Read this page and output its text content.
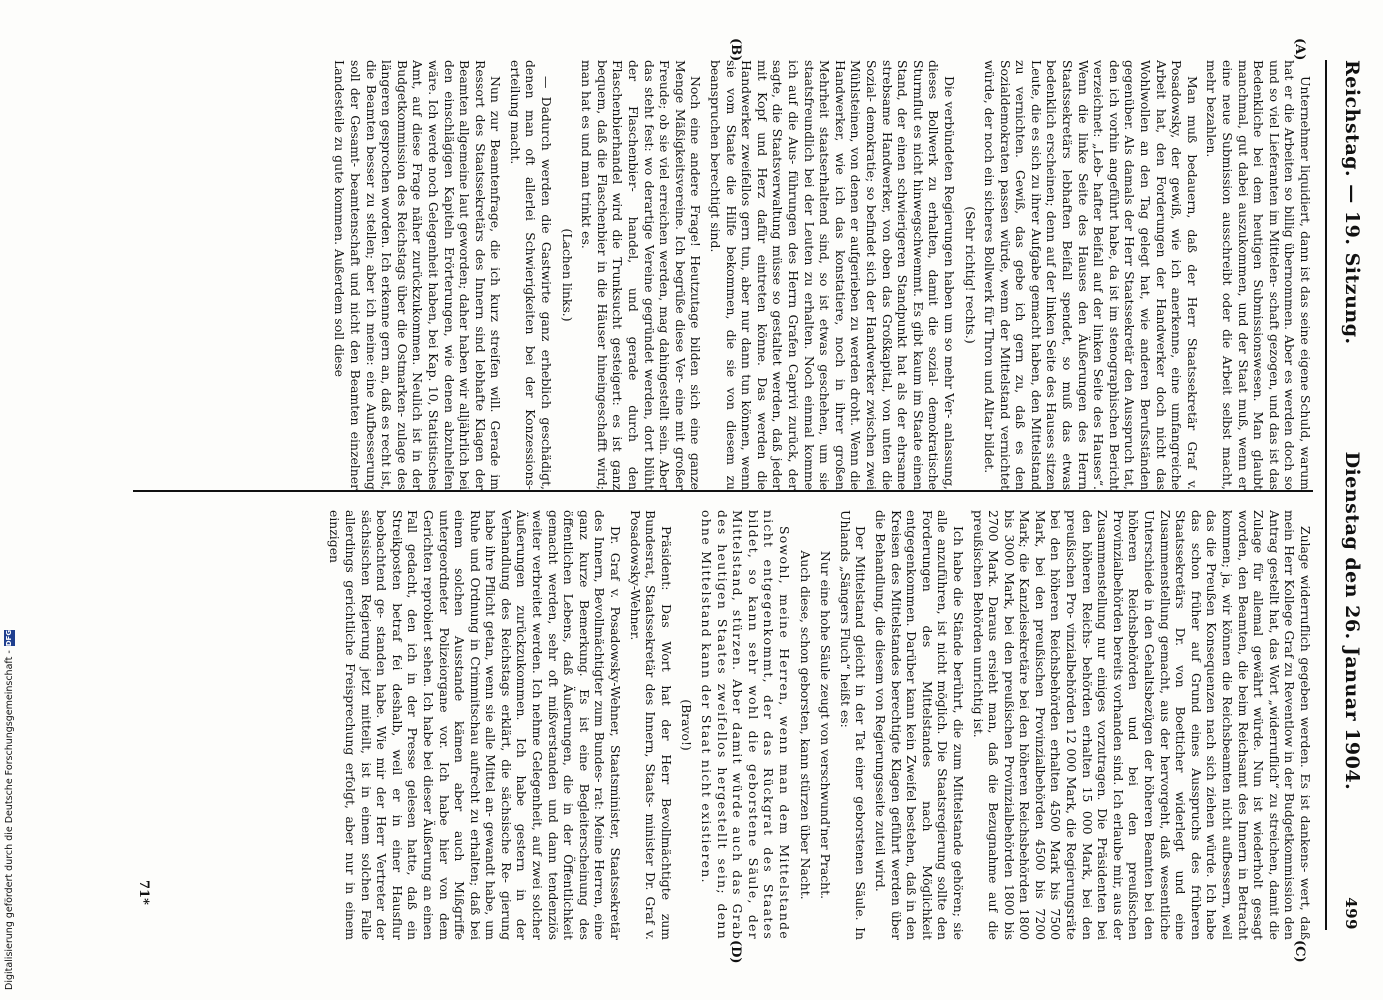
Reichstag. — 19. Sitzung.
Dienstag den 26. Januar 1904.
499
(A)
(B)
(C)
(D)

Unternehmer liquidiert, dann ist das seine eigene Schuld, warum hat er die Arbeiten so billig übernommen. Aber es werden doch so und so viel Lieferanten im Mittelen- schaft gezogen, und das ist das Bedenkliche bei dem heutigen Submissionswesen. Man glaubt manchmal, gut dabei auszukommen, und der Staat muß, wenn er eine neue Submission ausschreibt oder die Arbeit selbst macht, mehr bezahlen.

Man muß bedauern, daß der Herr Staatssekretär Graf v. Posadowsky, der gewiß, wie ich anerkenne, eine umfangreiche Arbeit hat, den Forderungen der Handwerker doch nicht das Wohlwollen an den Tag gelegt hat, wie anderen Berufsständen gegenüber. Als damals der Herr Staatssekretär den Ausspruch tat, den ich vorhin angeführt habe, da ist im stenographischen Bericht verzeichnet: „Leb- hafter Beifall auf der linken Seite des Hauses“. Wenn die linke Seite des Hauses den Äußerungen des Herrn Staatssekretärs lebhaften Beifall spendet, so muß das etwas bedenklich erscheinen; denn auf der linken Seite des Hauses sitzen Leute, die es sich zu ihrer Aufgabe gemacht haben, den Mittelstand zu vernichten. Gewiß, das gebe ich gern zu, daß es den Sozialdemokraten passen würde, wenn der Mittelstand vernichtet würde, der noch ein sicheres Bollwerk für Thron und Altar bildet.

(Sehr richtig! rechts.)

Die verbündeten Regierungen haben um so mehr Ver- anlassung, dieses Bollwerk zu erhalten, damit die sozial- demokratische Sturmflut es nicht hinwegschwemmt. Es gibt kaum im Staate einen Stand, der einen schwierigeren Standpunkt hat als der ehrsame strebsame Handwerker, von oben das Großkapital, von unten die Sozial- demokratie; so befindet sich der Handwerker zwischen zwei Mühlsteinen, von denen er aufgerieben zu werden droht. Wenn die Handwerker, wie ich das konstatiere, noch in ihrer großen Mehrheit staatserhaltend sind, so ist etwas geschehen, um sie staatsfreundlich bei der Leuten zu erhalten. Noch einmal komme ich auf die Aus- führungen des Herrn Grafen Caprivi zurück, der sagte, die Staatsverwaltung müsse so gestaltet werden, daß jeder mit Kopf und Herz dafür eintreten könne. Das werden die Handwerker zweifellos gern tun, aber nur dann tun können, wenn sie vom Staate die Hilfe bekommen, die sie von diesem zu beanspruchen berechtigt sind.

Noch eine andere Frage! Heutzutage bilden sich eine ganze Menge Mäßigkeitsvereine. Ich begrüße diese Ver- eine mit großer Freude; ob sie viel erreichen werden, mag dahingestellt sein. Aber das steht fest: wo derartige Vereine gegründet werden, dort blüht der Flaschenbier- handel, und gerade durch den Flaschenbierhandel wird die Trunksucht gesteigert: es ist ganz bequem, daß die Flaschenbier in die Häuser hineingeschafft wird; man hat es und man trinkt es.

(Lachen links.)

— Dadurch werden die Gastwirte ganz erheblich geschädigt, denen man oft allerlei Schwierigkeiten bei der Konzessions- erteilung macht.

Nun zur Beamtenfrage, die ich kurz streifen will. Gerade im Ressort des Staatssekretärs des Innern sind lebhafte Klagen der Beamten allgemeine laut geworden; daher haben wir alljährlich bei den einschlägigen Kapiteln Erörterungen, wie denen abzuhelfen wäre. Ich werde noch Gelegenheit haben, bei Kap. 10, Statistisches Amt, auf diese Frage näher zurückzukommen. Neulich ist in der Budgetkommission des Reichstags über die Ostmarken- zulage des längeren gesprochen worden. Ich erkenne gern an, daß es recht ist, die Beamten besser zu stellen; aber ich meine: eine Aufbesserung soll der Gesamt- beamtenschaft und nicht den Beamten einzelner Landesteile zu gute kommen. Außerdem soll diese

Zulage widerruflich gegeben werden. Es ist dankens- wert, daß mein Herr Kollege Graf zu Reventlow in der Budgetkommission den Antrag gestellt hat, das Wort „widerruflich“ zu streichen, damit die Zulage für allemal gewährt würde. Nun ist wiederholt gesagt worden, den Beamten, die beim Reichsamt des Innern in Betracht kommen; ja, wir können die Reichsbeamten nicht aufbessern, weil das die Preußen Konsequenzen nach sich ziehen würde. Ich habe das schon früher auf Grund eines Ausspruchs des früheren Staatssekretärs Dr. von Boetticher widerlegt und eine Zusammenstellung gemacht, aus der hervorgeht, daß wesentliche Unterschiede in den Gehaltsbezügen der höheren Beamten bei den höheren Reichsbehörden und bei den preußischen Provinzialbehörden bereits vorhanden sind. Ich erlaube mir, aus der Zusammenstellung nur einiges vorzutragen. Die Präsidenten bei den höheren Reichs- behörden erhalten 15 000 Mark, bei den preußischen Pro- vinzialbehörden 12 000 Mark, die Regierungsräte bei den höheren Reichsbehörden erhalten 4500 Mark bis 7500 Mark, bei den preußischen Provinzialbehörden 4500 bis 7200 Mark; die Kanzleisekretäre bei den höheren Reichsbehörden 1800 bis 3000 Mark, bei den preußischen Provinzialbehörden 1800 bis 2700 Mark. Daraus ersieht man, daß die Bezugnahme auf die preußischen Behörden unrichtig ist.

Ich habe die Stände berührt, die zum Mittelstande gehören; sie alle anzuführen, ist nicht möglich. Die Staatsregierung sollte den Forderungen des Mittelstandes nach Möglichkeit entgegenkommen. Darüber kann kein Zweifel bestehen, daß in den Kreisen des Mittelstandes berechtigte Klagen geführt werden über die Behandlung, die diesem von Regierungsseite zuteil wird.

Der Mittelstand gleicht in der Tat einer geborstenen Säule. In Uhlands „Sängers Fluch“ heißt es:

Nur eine hohe Säule zeugt von verschwund'ner Pracht.

Auch diese, schon geborsten, kann stürzen über Nacht.

Sowohl, meine Herren, wenn man dem Mittelstande nicht entgegenkommt, der das Rückgrat des Staates bildet, so kann sehr wohl die geborstene Säule, der Mittelstand, stürzen. Aber damit würde auch das Grab des heutigen Staates zweifellos hergestellt sein; denn ohne Mittelstand kann der Staat nicht existieren.

(Bravo!)

Präsident: Das Wort hat der Herr Bevollmächtigte zum Bundesrat, Staatssekretär des Innern, Staats- minister Dr. Graf v. Posadowsky-Wehner.

Dr. Graf v. Posadowsky-Wehner, Staatsminister, Staatssekretär des Innern, Bevollmächtigter zum Bundes- rat: Meine Herren, eine ganz kurze Bemerkung. Es ist eine Begleiterscheinung des öffentlichen Lebens, daß Äußerungen, die in der Öffentlichkeit gemacht werden, sehr oft mißverstanden und dann tendenziös weiter verbreitet werden. Ich nehme Gelegenheit, auf zwei solcher Äußerungen zurückzukommen. Ich habe gestern in der Verhandlung des Reichstags erklärt, die sächsische Re- gierung habe ihre Pflicht getan, wenn sie alle Mittel an- gewandt habe, um Ruhe und Ordnung in Crimmitschau aufrecht zu erhalten; daß bei einem solchen Ausstande kämen aber auch Mißgriffe untergeordneter Polizeiorgane vor. Ich habe hier von dem Gerichten reprobiert sehen. Ich habe bei dieser Äußerung an einen Fall gedacht, den ich in der Presse gelesen hatte, daß ein Streikposten betraf fei deshalb, weil er in einer Hausflur beobachtend ge- standen habe. Wie mir der Herr Vertreter der sächsischen Regierung jetzt mitteilt, ist in einem solchen Falle allerdings gerichtliche Freisprechung erfolgt, aber nur in einem einzigen

71*
Digitalisierung gefördert durch die Deutsche Forschungsgemeinschaft -
DFG
